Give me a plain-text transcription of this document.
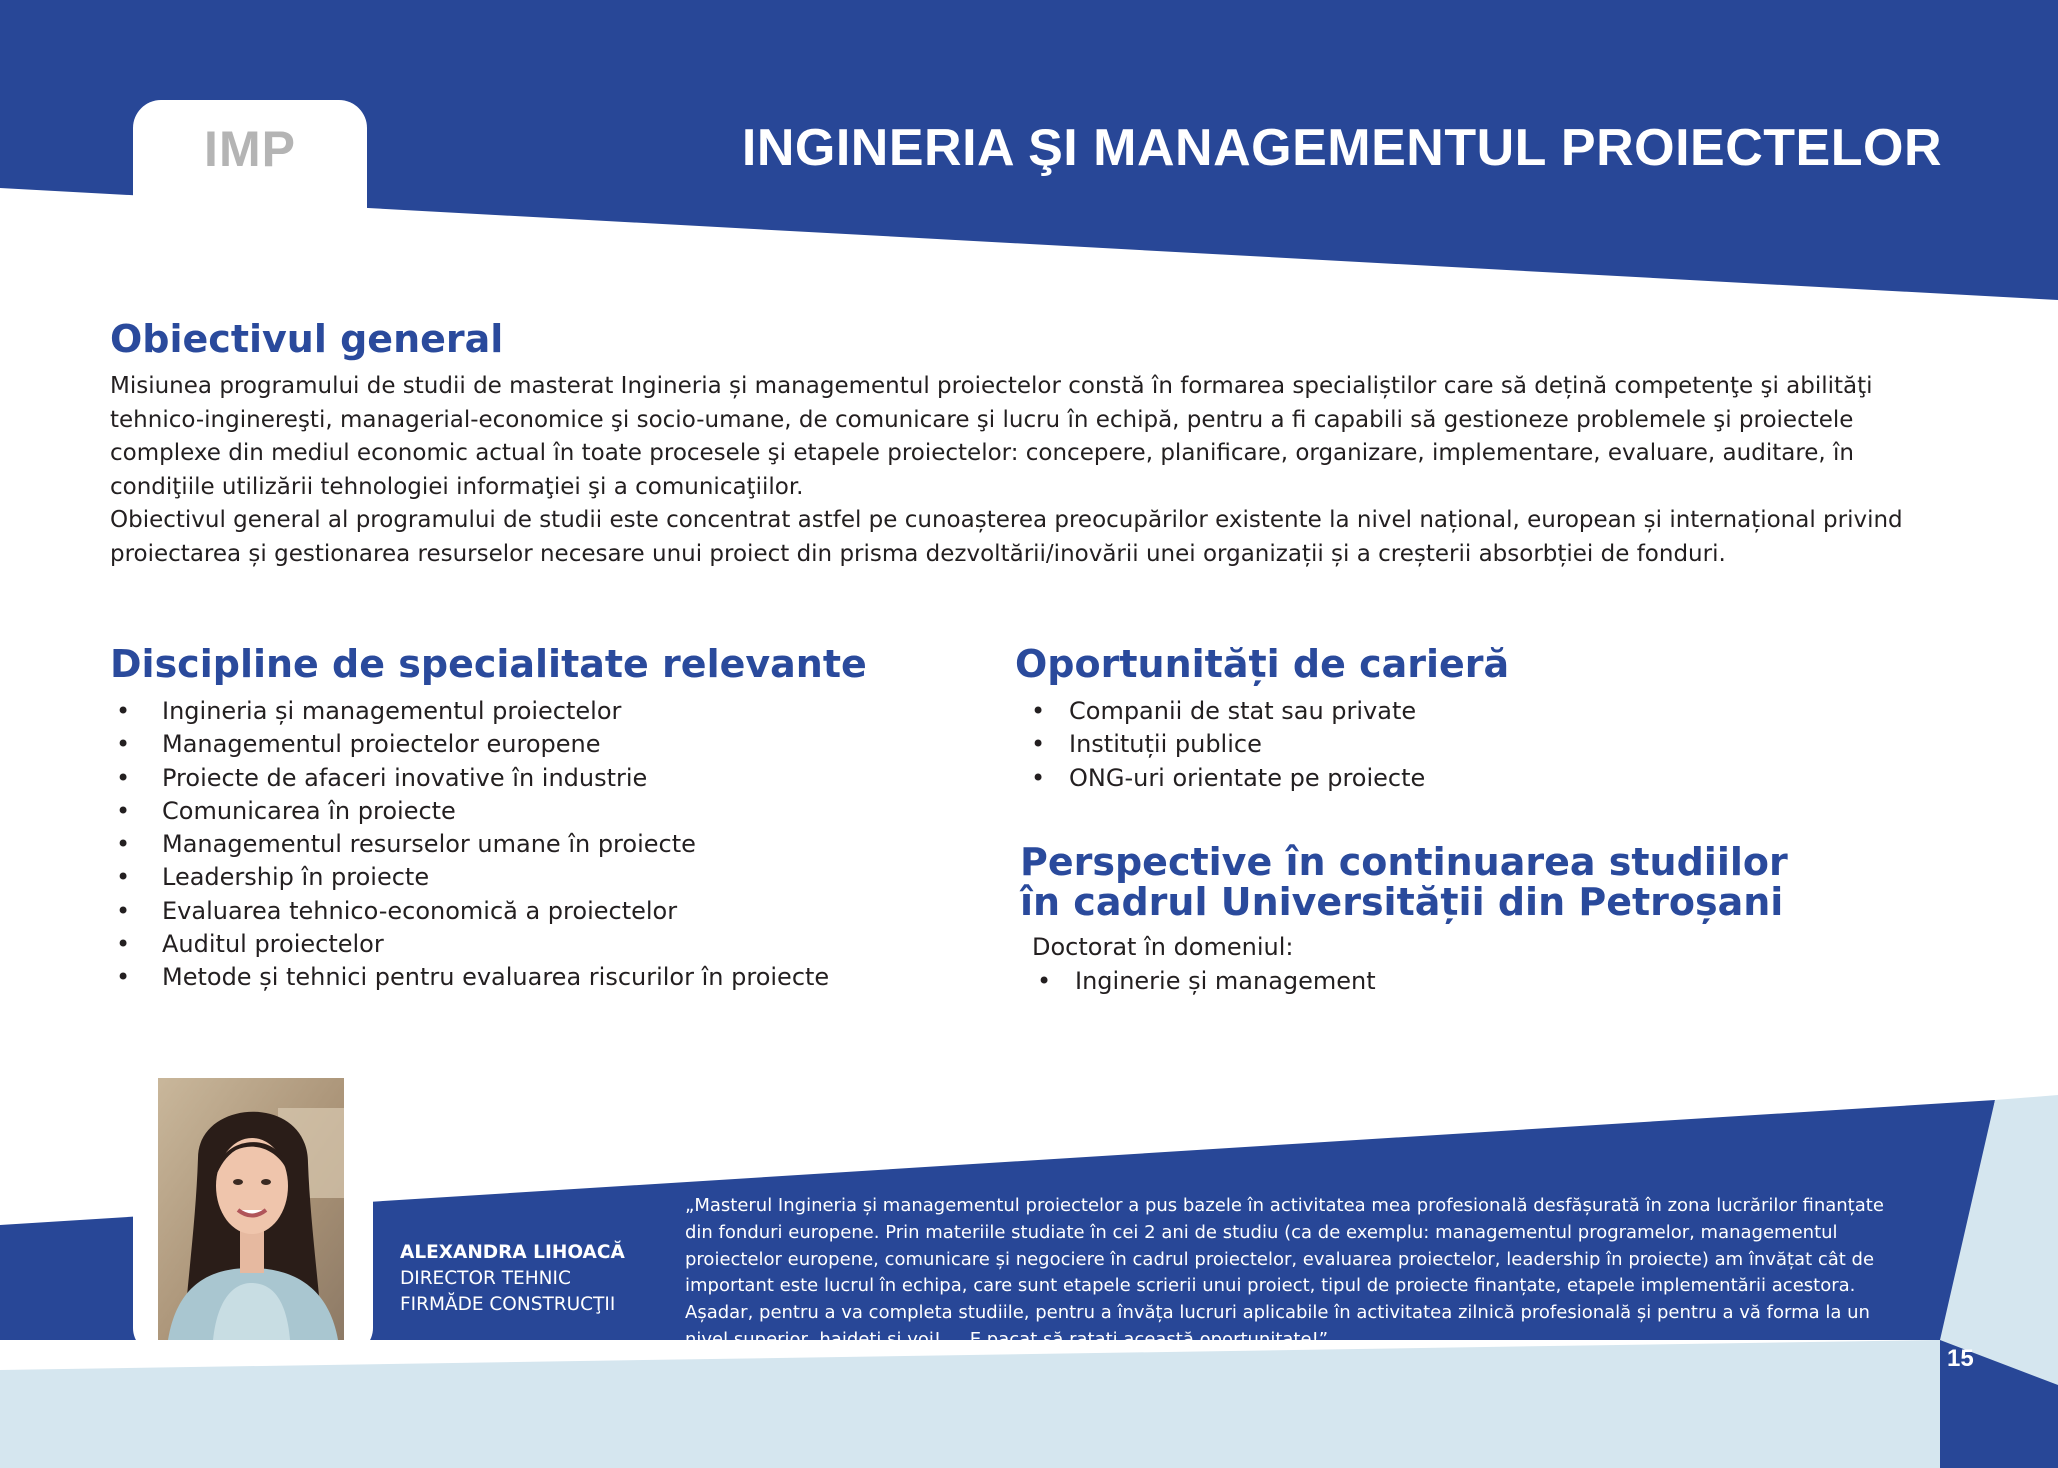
IMP	INGINERIA ŞI MANAGEMENTUL PROIECTELOR
Obiectivul general
Misiunea programului de studii de masterat Ingineria și managementul proiectelor constă în formarea specialiștilor care să dețină competenţe şi abilităţi tehnico-inginereşti, managerial-economice şi socio-umane, de comunicare şi lucru în echipă, pentru a fi capabili să gestioneze problemele şi proiectele complexe din mediul economic actual în toate procesele şi etapele proiectelor: concepere, planificare, organizare, implementare, evaluare, auditare, în condiţiile utilizării tehnologiei informaţiei şi a comunicaţiilor.
Obiectivul general al programului de studii este concentrat astfel pe cunoașterea preocupărilor existente la nivel național, european și internațional privind proiectarea și gestionarea resurselor necesare unui proiect din prisma dezvoltării/inovării unei organizații și a creșterii absorbției de fonduri.
Discipline de specialitate relevante
• Ingineria și managementul proiectelor
• Managementul proiectelor europene
• Proiecte de afaceri inovative în industrie
• Comunicarea în proiecte
• Managementul resurselor umane în proiecte
• Leadership în proiecte
• Evaluarea tehnico-economică a proiectelor
• Auditul proiectelor
• Metode și tehnici pentru evaluarea riscurilor în proiecte
Oportunități de carieră
• Companii de stat sau private
• Instituții publice
• ONG-uri orientate pe proiecte
Perspective în continuarea studiilor
în cadrul Universității din Petroșani
Doctorat în domeniul:
• Inginerie și management
ALEXANDRA LIHOACĂ
DIRECTOR TEHNIC
FIRMĂDE CONSTRUCŢII

„Masterul Ingineria și managementul proiectelor a pus bazele în activitatea mea profesională desfășurată în zona lucrărilor finanțate din fonduri europene. Prin materiile studiate în cei 2 ani de studiu (ca de exemplu: managementul programelor, managementul proiectelor europene, comunicare și negociere în cadrul proiectelor, evaluarea proiectelor, leadership în proiecte) am învățat cât de important este lucrul în echipa, care sunt etapele scrierii unui proiect, tipul de proiecte finanțate, etapele implementării acestora. Așadar, pentru a va completa studiile, pentru a învăța lucruri aplicabile în activitatea zilnică profesională și pentru a vă forma la un nivel superior, haideți și voi!.... E pacat să ratați această oportunitate!”

15
